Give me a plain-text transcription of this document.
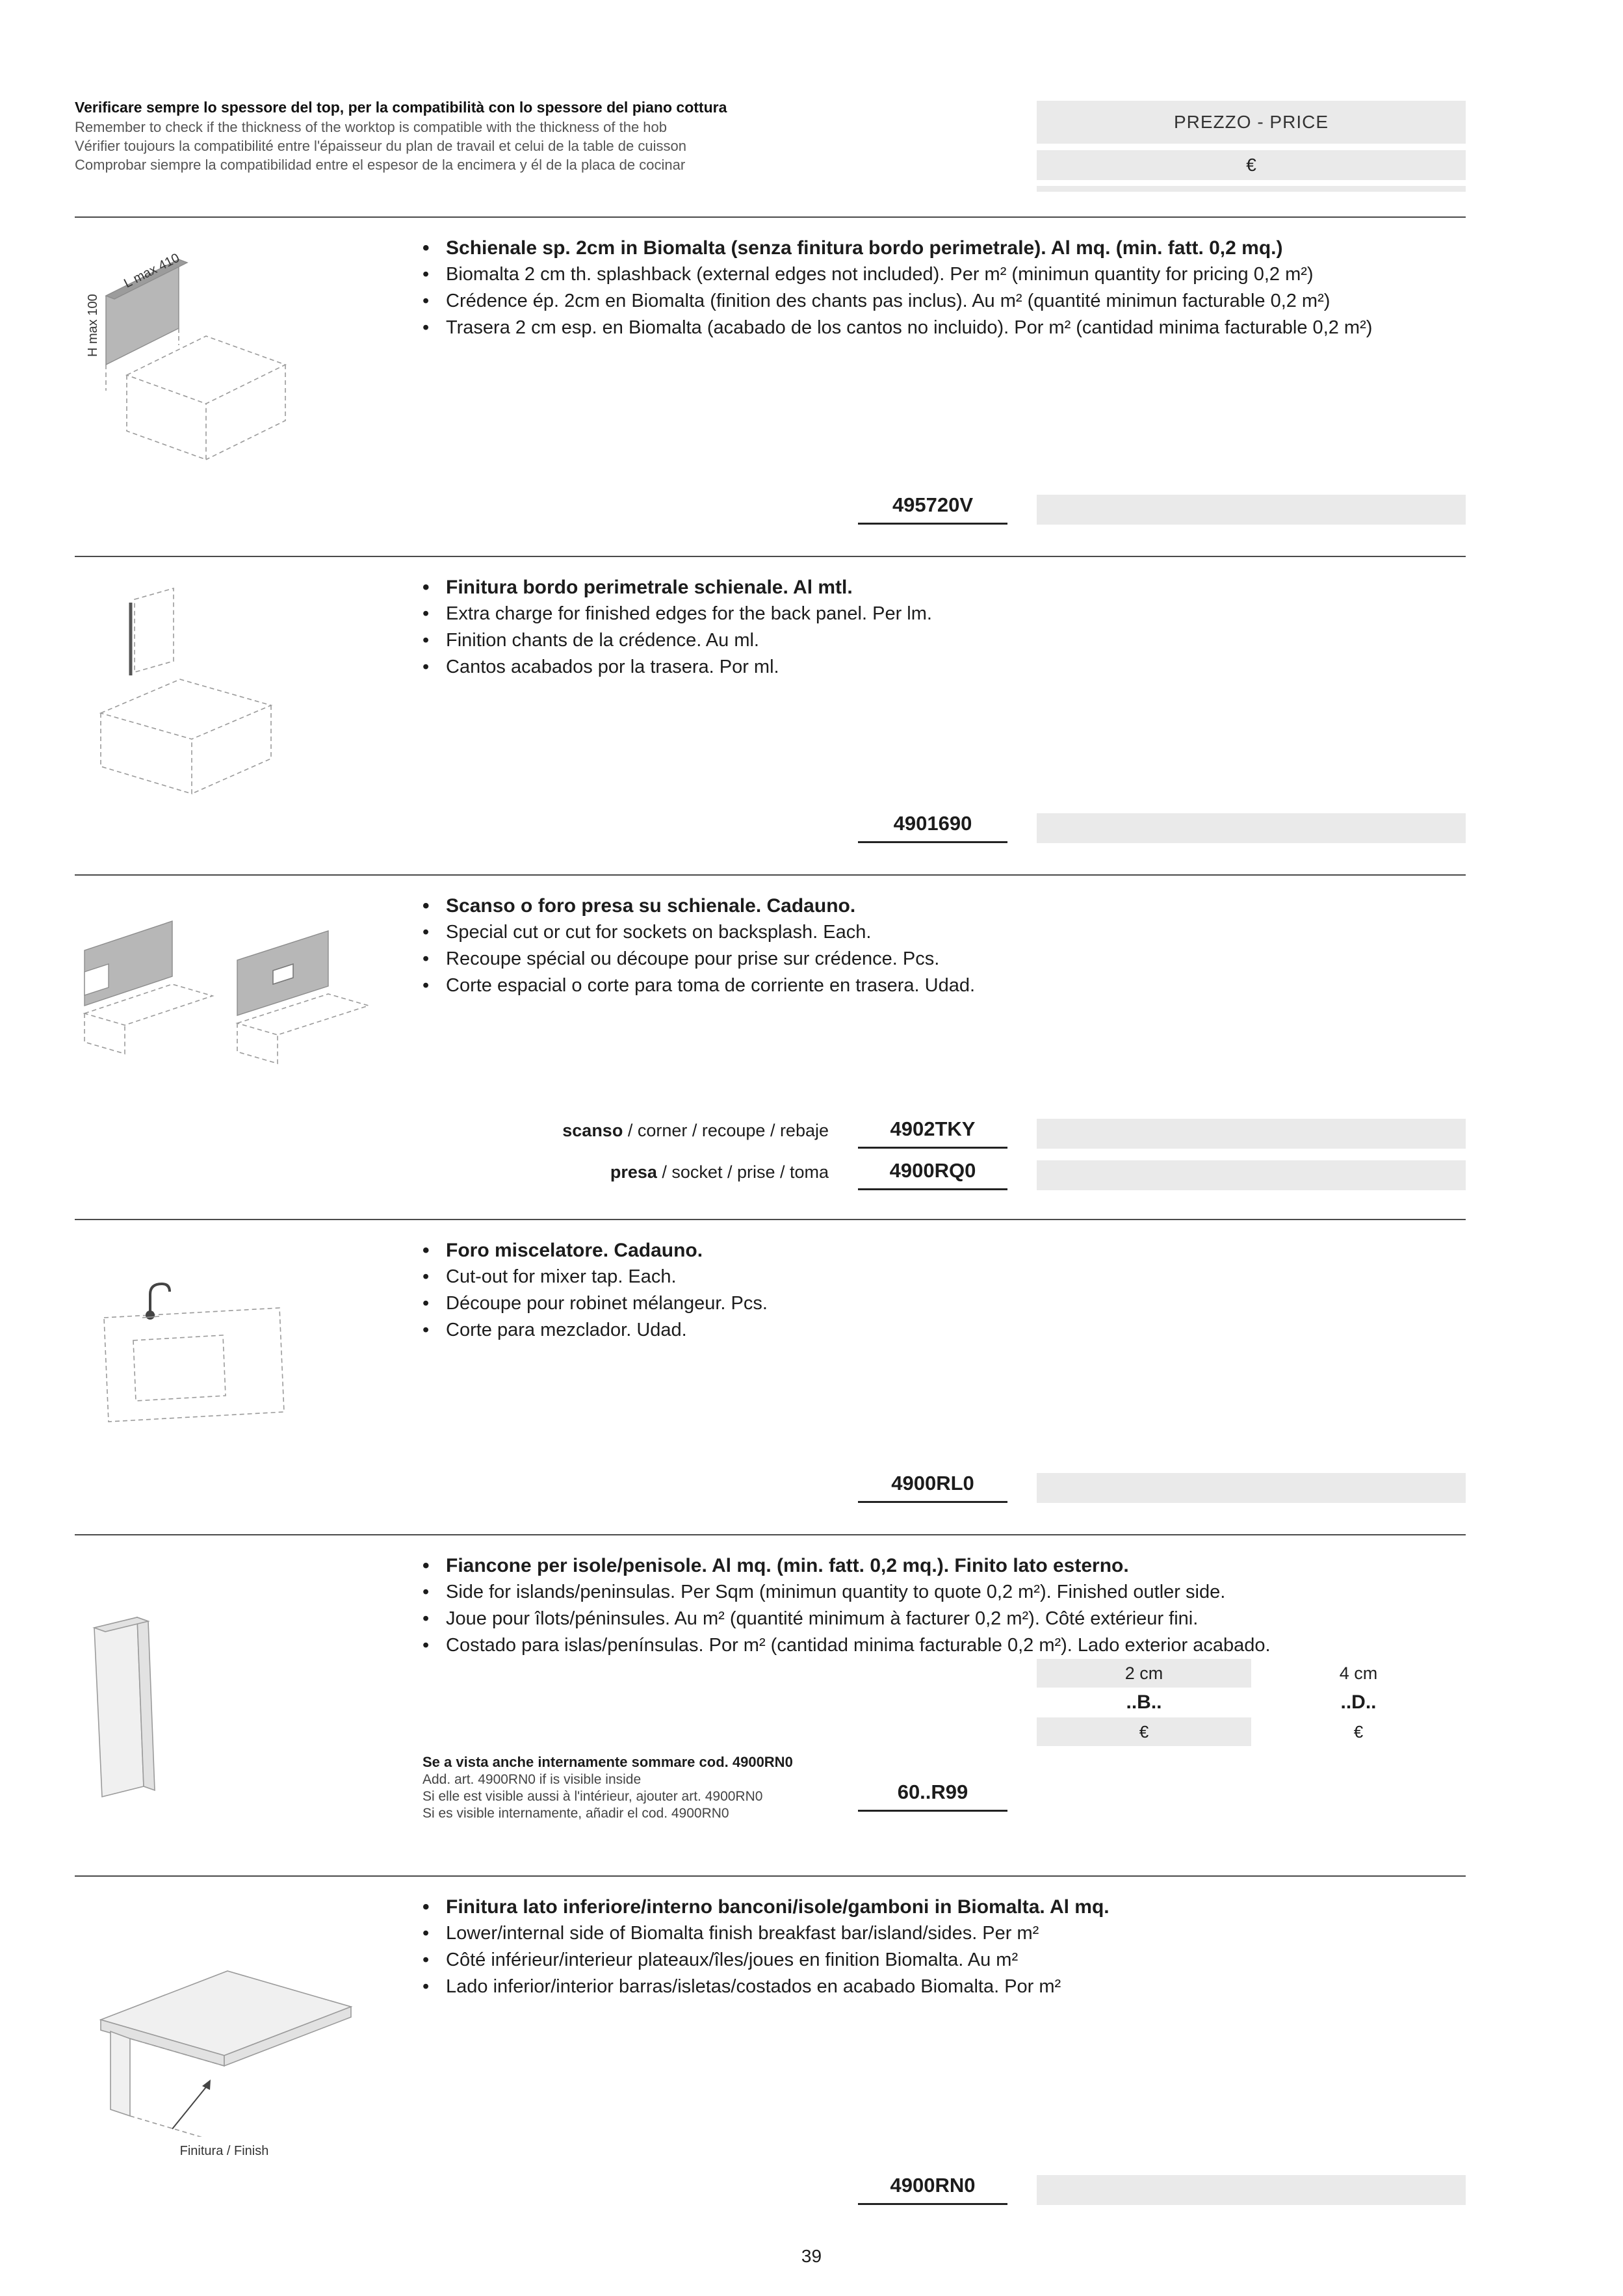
Verificare sempre lo spessore del top, per la compatibilità con lo spessore del piano cottura
Remember to check if the thickness of the worktop is compatible with the thickness of the hob
Vérifier toujours la compatibilité entre l'épaisseur du plan de travail et celui de la table de cuisson
Comprobar siempre la compatibilidad entre el espesor de la encimera y él de la placa de cocinar
PREZZO - PRICE
€
L max 410
H max 100
• Schienale sp. 2cm in Biomalta (senza finitura bordo perimetrale). Al mq. (min. fatt. 0,2 mq.)
• Biomalta 2 cm th. splashback (external edges not included). Per m² (minimun quantity for pricing 0,2 m²)
• Crédence ép. 2cm en Biomalta (finition des chants pas inclus). Au m² (quantité minimun facturable 0,2 m²)
• Trasera 2 cm esp. en Biomalta (acabado de los cantos no incluido). Por m² (cantidad minima facturable 0,2 m²)
495720V
• Finitura bordo perimetrale schienale. Al mtl.
• Extra charge for finished edges for the back panel. Per lm.
• Finition chants de la crédence. Au ml.
• Cantos acabados por la trasera. Por ml.
4901690
• Scanso o foro presa su schienale. Cadauno.
• Special cut or cut for sockets on backsplash. Each.
• Recoupe spécial ou découpe pour prise sur crédence. Pcs.
• Corte espacial o corte para toma de corriente en trasera. Udad.
scanso / corner / recoupe / rebaje	4902TKY
presa / socket / prise / toma	4900RQ0
• Foro miscelatore. Cadauno.
• Cut-out for mixer tap. Each.
• Découpe pour robinet mélangeur. Pcs.
• Corte para mezclador. Udad.
4900RL0
• Fiancone per isole/penisole. Al mq. (min. fatt. 0,2 mq.). Finito lato esterno.
• Side for islands/peninsulas. Per Sqm (minimun quantity to quote 0,2 m²). Finished outler side.
• Joue pour îlots/péninsules. Au m² (quantité minimum à facturer 0,2 m²). Côté extérieur fini.
• Costado para islas/penínsulas. Por m² (cantidad minima facturable 0,2 m²). Lado exterior acabado.
2 cm
..B..
€
4 cm
..D..
€
Se a vista anche internamente sommare cod. 4900RN0
Add. art. 4900RN0 if is visible inside
Si elle est visible aussi à l'intérieur, ajouter art. 4900RN0
Si es visible internamente, añadir el cod. 4900RN0
60..R99
Finitura / Finish
• Finitura lato inferiore/interno banconi/isole/gamboni in Biomalta. Al mq.
• Lower/internal side of Biomalta finish breakfast bar/island/sides. Per m²
• Côté inférieur/interieur plateaux/îles/joues en finition Biomalta. Au m²
• Lado inferior/interior barras/isletas/costados en acabado Biomalta. Por m²
4900RN0
39
